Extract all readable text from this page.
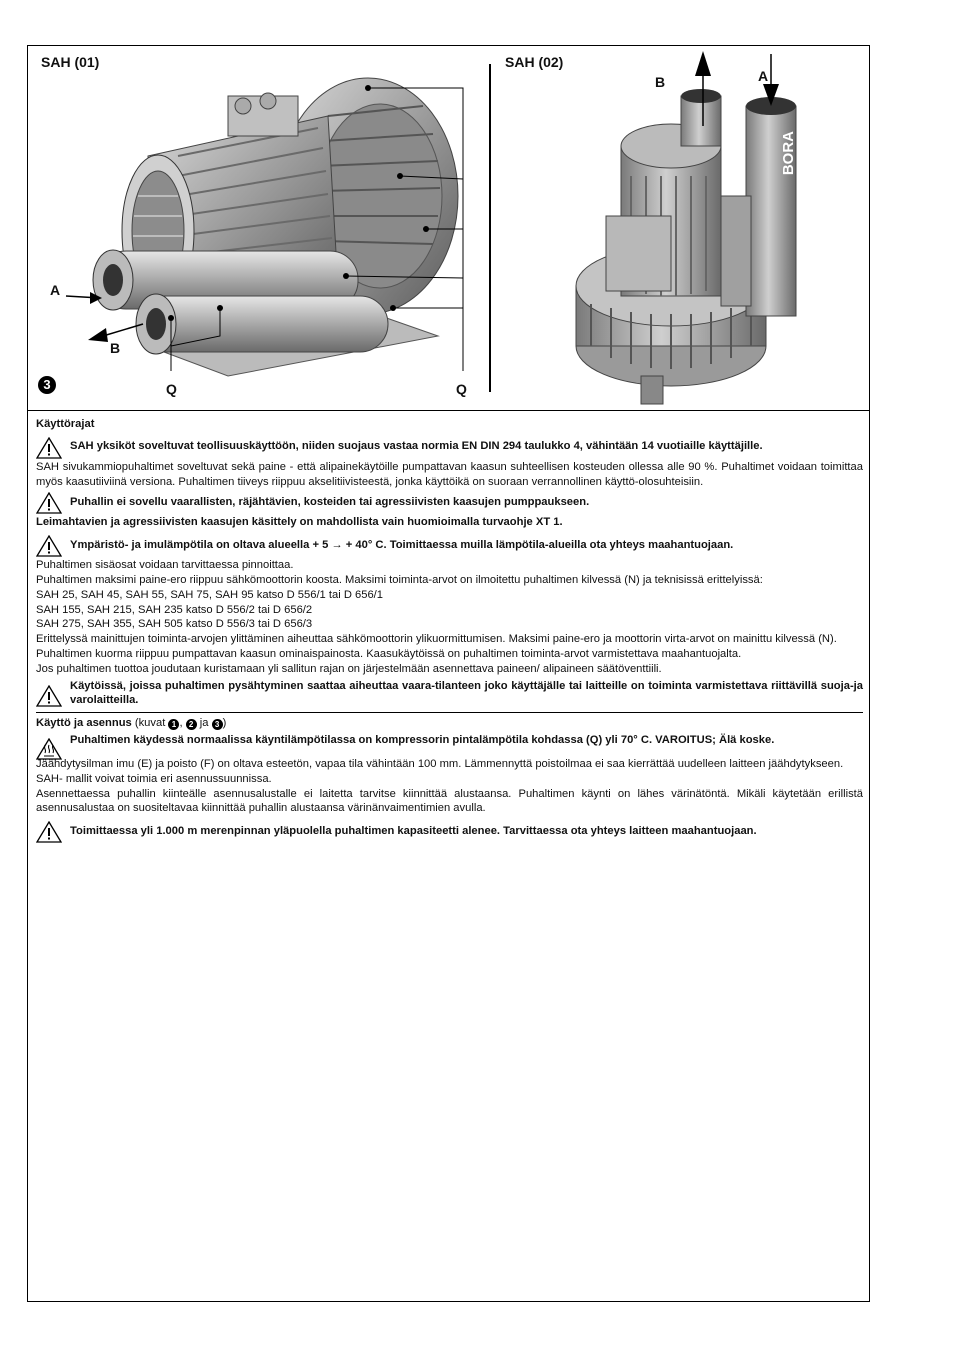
SAH (01)	SAH (02)
A
B
Q	Q
3
BORA
B	A

Käyttörajat

SAH yksiköt soveltuvat teollisuuskäyttöön, niiden suojaus vastaa normia EN DIN 294 taulukko 4, vähintään 14 vuotiaille käyttäjille.

SAH sivukammiopuhaltimet soveltuvat sekä paine - että alipainekäytöille pumpattavan kaasun suhteellisen kosteuden ollessa alle 90 %. Puhaltimet voidaan toimittaa myös kaasutiiviinä versiona. Puhaltimen tiiveys riippuu akselitiivisteestä, jonka käyttöikä on suoraan verrannollinen käyttö-olosuhteisiin.

Puhallin ei sovellu vaarallisten, räjähtävien, kosteiden tai agressiivisten kaasujen pumppaukseen.

Leimahtavien ja agressiivisten kaasujen käsittely on mahdollista vain huomioimalla turvaohje XT 1.

Ympäristö- ja imulämpötila on oltava alueella + 5 → + 40° C. Toimittaessa muilla lämpötila-alueilla ota yhteys maahantuojaan.

Puhaltimen sisäosat voidaan tarvittaessa pinnoittaa.

Puhaltimen maksimi paine-ero riippuu sähkömoottorin koosta. Maksimi toiminta-arvot on ilmoitettu puhaltimen kilvessä (N) ja teknisissä erittelyissä:

SAH 25, SAH 45, SAH 55, SAH 75, SAH 95 katso D 556/1 tai D 656/1

SAH 155, SAH 215, SAH 235 katso D 556/2 tai D 656/2

SAH 275, SAH 355, SAH 505 katso D 556/3 tai D 656/3

Erittelyssä mainittujen toiminta-arvojen ylittäminen aiheuttaa sähkömoottorin ylikuormittumisen. Maksimi paine-ero ja moottorin virta-arvot on mainittu kilvessä (N).

Puhaltimen kuorma riippuu pumpattavan kaasun ominaispainosta. Kaasukäytöissä on puhaltimen toiminta-arvot varmistettava maahantuojalta.

Jos puhaltimen tuottoa joudutaan kuristamaan yli sallitun rajan on järjestelmään asennettava paineen/ alipaineen säätöventtiili.

Käytöissä, joissa puhaltimen pysähtyminen saattaa aiheuttaa vaara-tilanteen joko käyttäjälle tai laitteille on toiminta varmistettava riittävillä suoja-ja varolaitteilla.

Käyttö ja asennus (kuvat 1 , 2 ja 3 )

Puhaltimen käydessä normaalissa käyntilämpötilassa on kompressorin pintalämpötila kohdassa (Q) yli 70° C. VAROITUS; Älä koske.

Jäähdytysilman imu (E) ja poisto (F) on oltava esteetön, vapaa tila vähintään 100 mm. Lämmennyttä poistoilmaa ei saa kierrättää uudelleen laitteen jäähdytykseen.

SAH- mallit voivat toimia eri asennussuunnissa.

Asennettaessa puhallin kiinteälle asennusalustalle ei laitetta tarvitse kiinnittää alustaansa. Puhaltimen käynti on lähes värinätöntä. Mikäli käytetään erillistä asennusalustaa on suositeltavaa kiinnittää puhallin alustaansa värinänvaimentimien avulla.

Toimittaessa yli 1.000 m merenpinnan yläpuolella puhaltimen kapasiteetti alenee. Tarvittaessa ota yhteys laitteen maahantuojaan.
